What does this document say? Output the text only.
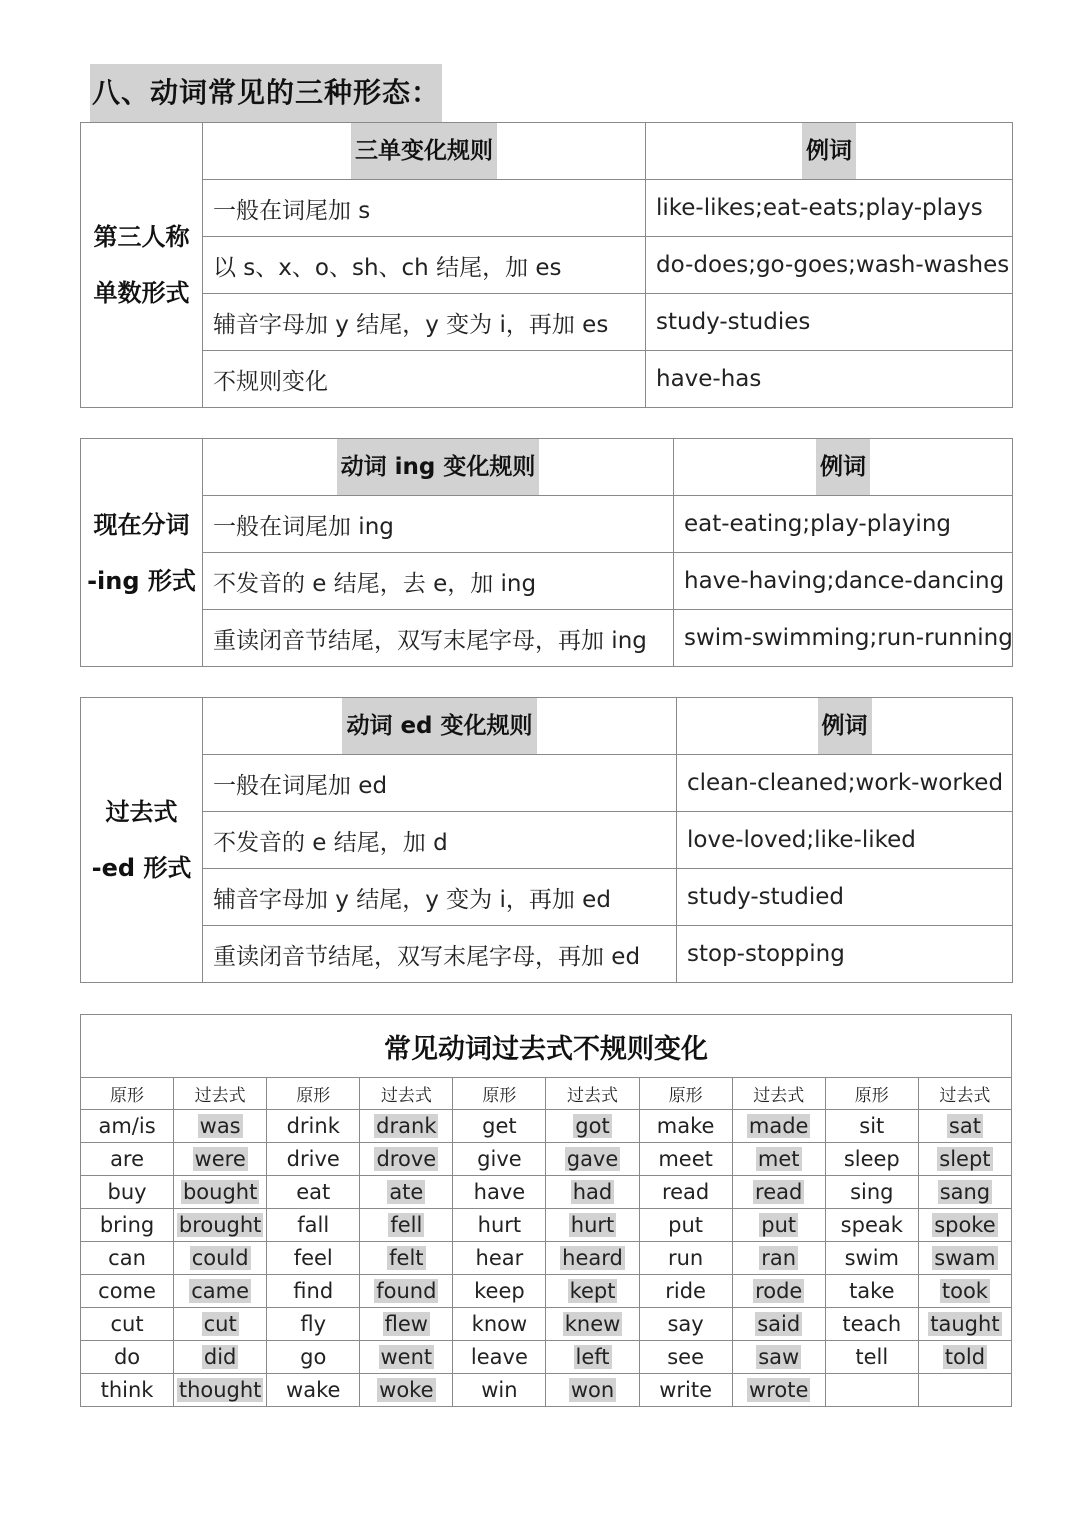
八、动词常见的三种形态：
第三人称
单数形式	三单变化规则	例词
	一般在词尾加 s	like-likes;eat-eats;play-plays
	以 s、x、o、sh、ch 结尾，加 es	do-does;go-goes;wash-washes
	辅音字母加 y 结尾，y 变为 i，再加 es	study-studies
	不规则变化	have-has
现在分词
-ing 形式	动词 ing 变化规则	例词
	一般在词尾加 ing	eat-eating;play-playing
	不发音的 e 结尾，去 e，加 ing	have-having;dance-dancing
	重读闭音节结尾，双写末尾字母，再加 ing	swim-swimming;run-running
过去式
-ed 形式	动词 ed 变化规则	例词
	一般在词尾加 ed	clean-cleaned;work-worked
	不发音的 e 结尾，加 d	love-loved;like-liked
	辅音字母加 y 结尾，y 变为 i，再加 ed	study-studied
	重读闭音节结尾，双写末尾字母，再加 ed	stop-stopping
常见动词过去式不规则变化									
原形	过去式	原形	过去式	原形	过去式	原形	过去式	原形	过去式
am/is	was	drink	drank	get	got	make	made	sit	sat
are	were	drive	drove	give	gave	meet	met	sleep	slept
buy	bought	eat	ate	have	had	read	read	sing	sang
bring	brought	fall	fell	hurt	hurt	put	put	speak	spoke
can	could	feel	felt	hear	heard	run	ran	swim	swam
come	came	find	found	keep	kept	ride	rode	take	took
cut	cut	fly	flew	know	knew	say	said	teach	taught
do	did	go	went	leave	left	see	saw	tell	told
think	thought	wake	woke	win	won	write	wrote		
